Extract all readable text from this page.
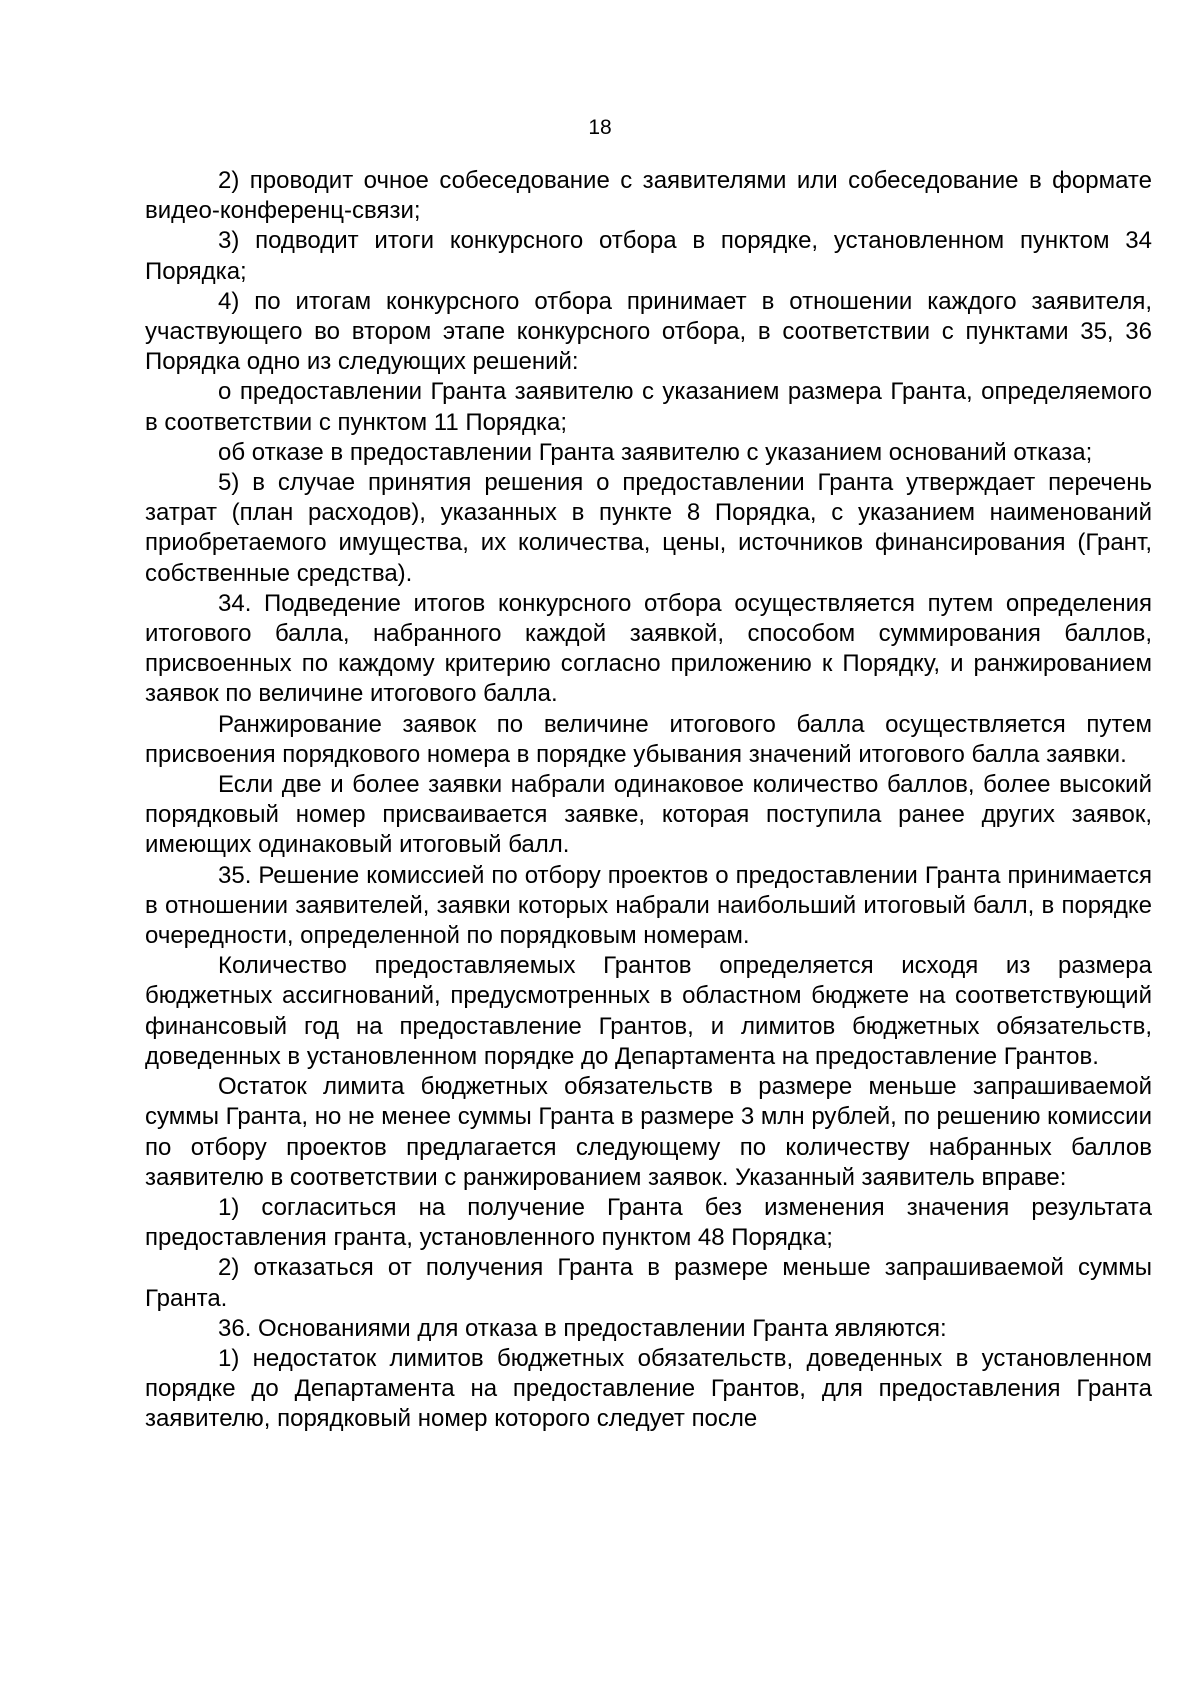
18

2) проводит очное собеседование с заявителями или собеседование в формате видео-конференц-связи;

3) подводит итоги конкурсного отбора в порядке, установленном пунктом 34 Порядка;

4) по итогам конкурсного отбора принимает в отношении каждого заявителя, участвующего во втором этапе конкурсного отбора, в соответствии с пунктами 35, 36 Порядка одно из следующих решений:

о предоставлении Гранта заявителю с указанием размера Гранта, определяемого в соответствии с пунктом 11 Порядка;

об отказе в предоставлении Гранта заявителю с указанием оснований отказа;

5) в случае принятия решения о предоставлении Гранта утверждает перечень затрат (план расходов), указанных в пункте 8 Порядка, с указанием наименований приобретаемого имущества, их количества, цены, источников финансирования (Грант, собственные средства).

34. Подведение итогов конкурсного отбора осуществляется путем определения итогового балла, набранного каждой заявкой, способом суммирования баллов, присвоенных по каждому критерию согласно приложению к Порядку, и ранжированием заявок по величине итогового балла.

Ранжирование заявок по величине итогового балла осуществляется путем присвоения порядкового номера в порядке убывания значений итогового балла заявки.

Если две и более заявки набрали одинаковое количество баллов, более высокий порядковый номер присваивается заявке, которая поступила ранее других заявок, имеющих одинаковый итоговый балл.

35. Решение комиссией по отбору проектов о предоставлении Гранта принимается в отношении заявителей, заявки которых набрали наибольший итоговый балл, в порядке очередности, определенной по порядковым номерам.

Количество предоставляемых Грантов определяется исходя из размера бюджетных ассигнований, предусмотренных в областном бюджете на соответствующий финансовый год на предоставление Грантов, и лимитов бюджетных обязательств, доведенных в установленном порядке до Департамента на предоставление Грантов.

Остаток лимита бюджетных обязательств в размере меньше запрашиваемой суммы Гранта, но не менее суммы Гранта в размере 3 млн рублей, по решению комиссии по отбору проектов предлагается следующему по количеству набранных баллов заявителю в соответствии с ранжированием заявок. Указанный заявитель вправе:

1) согласиться на получение Гранта без изменения значения результата предоставления гранта, установленного пунктом 48 Порядка;

2) отказаться от получения Гранта в размере меньше запрашиваемой суммы Гранта.

36. Основаниями для отказа в предоставлении Гранта являются:

1) недостаток лимитов бюджетных обязательств, доведенных в установленном порядке до Департамента на предоставление Грантов, для предоставления Гранта заявителю, порядковый номер которого следует после
